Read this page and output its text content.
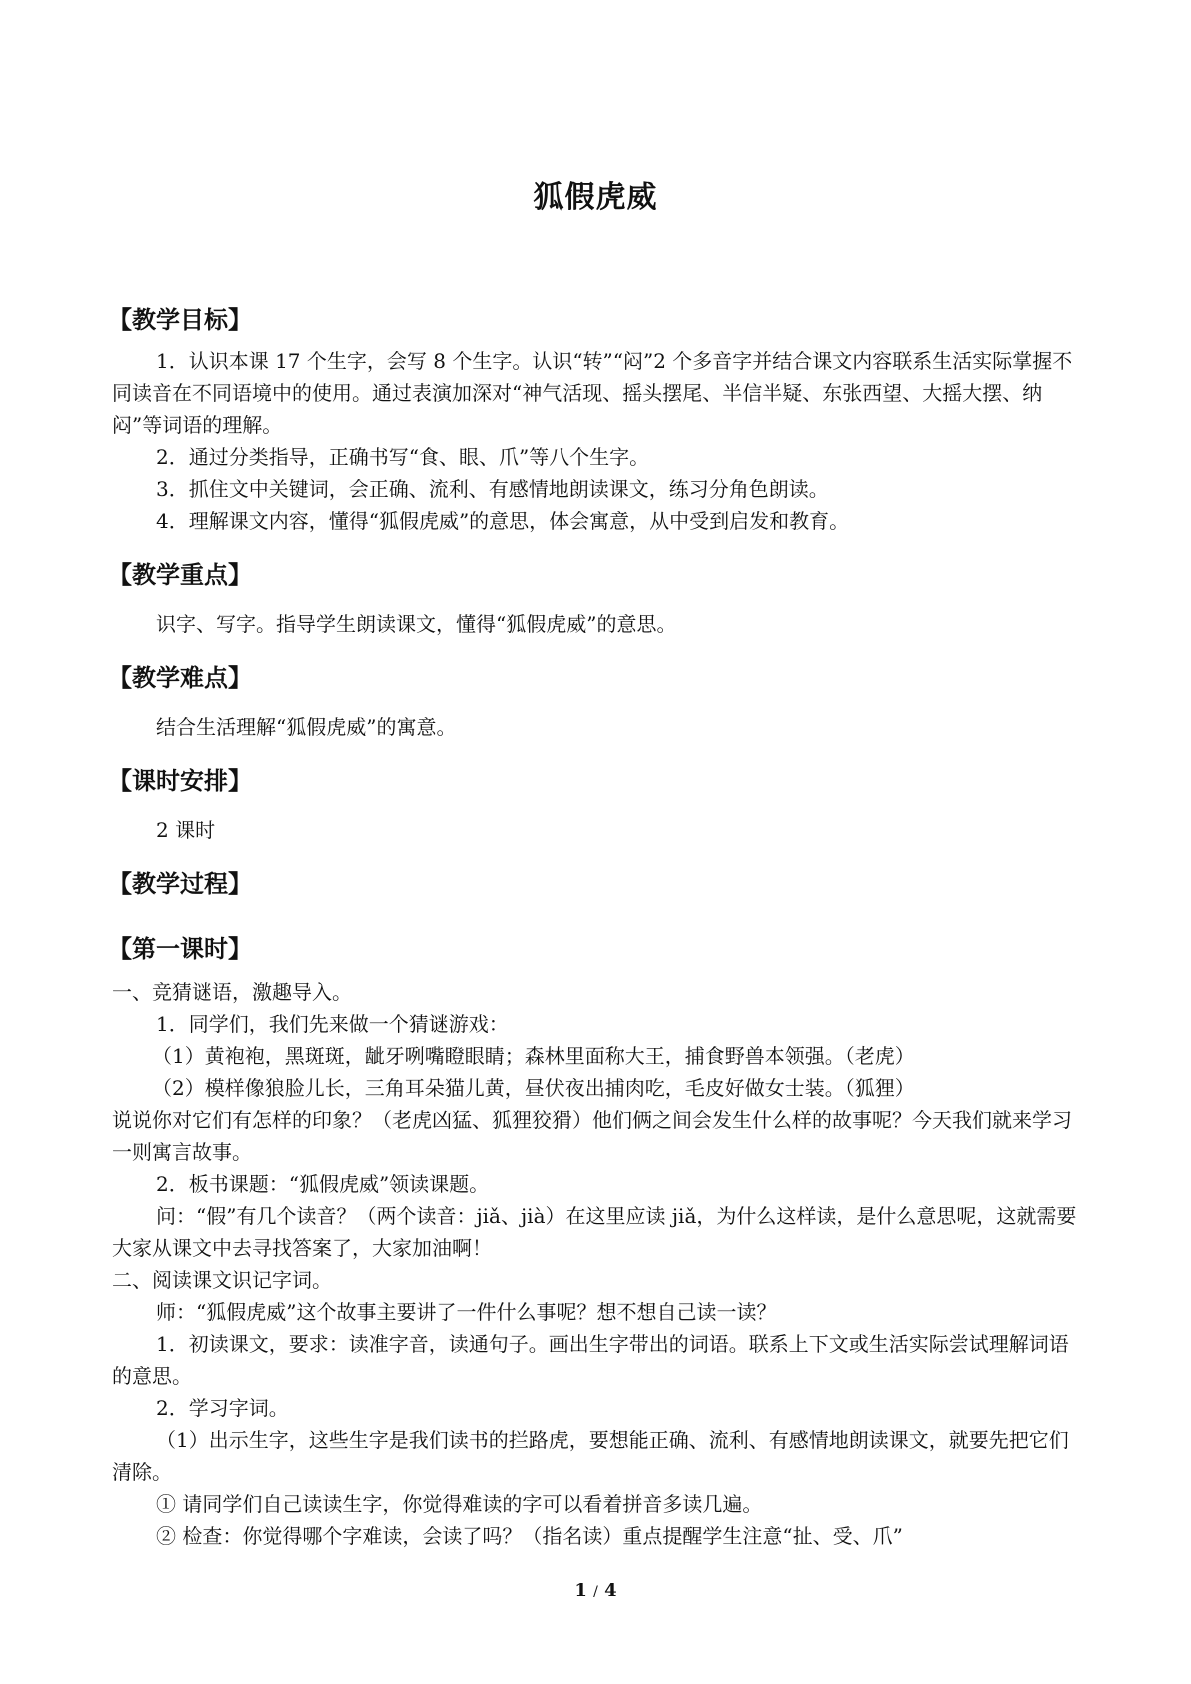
狐假虎威
【教学目标】
1．认识本课 17 个生字，会写 8 个生字。认识“转”“闷”2 个多音字并结合课文内容联系生活实际掌握不同读音在不同语境中的使用。通过表演加深对“神气活现、摇头摆尾、半信半疑、东张西望、大摇大摆、纳闷”等词语的理解。
2．通过分类指导，正确书写“食、眼、爪”等八个生字。
3．抓住文中关键词，会正确、流利、有感情地朗读课文，练习分角色朗读。
4．理解课文内容，懂得“狐假虎威”的意思，体会寓意，从中受到启发和教育。
【教学重点】
识字、写字。指导学生朗读课文，懂得“狐假虎威”的意思。
【教学难点】
结合生活理解“狐假虎威”的寓意。
【课时安排】
2 课时
【教学过程】
【第一课时】
一、竞猜谜语，激趣导入。
1．同学们，我们先来做一个猜谜游戏：
（1）黄袍袍，黑斑斑，龇牙咧嘴瞪眼睛；森林里面称大王，捕食野兽本领强。（老虎）
（2）模样像狼脸儿长，三角耳朵猫儿黄，昼伏夜出捕肉吃，毛皮好做女士装。（狐狸）
说说你对它们有怎样的印象？（老虎凶猛、狐狸狡猾）他们俩之间会发生什么样的故事呢？今天我们就来学习一则寓言故事。
2．板书课题：“狐假虎威”领读课题。
问：“假”有几个读音？（两个读音：jiǎ、jià）在这里应读 jiǎ，为什么这样读，是什么意思呢，这就需要大家从课文中去寻找答案了，大家加油啊！
二、阅读课文识记字词。
师：“狐假虎威”这个故事主要讲了一件什么事呢？想不想自己读一读？
1．初读课文，要求：读准字音，读通句子。画出生字带出的词语。联系上下文或生活实际尝试理解词语的意思。
2．学习字词。
（1）出示生字，这些生字是我们读书的拦路虎，要想能正确、流利、有感情地朗读课文，就要先把它们清除。
① 请同学们自己读读生字，你觉得难读的字可以看着拼音多读几遍。
② 检查：你觉得哪个字难读，会读了吗？（指名读）重点提醒学生注意“扯、受、爪”
1 / 4
